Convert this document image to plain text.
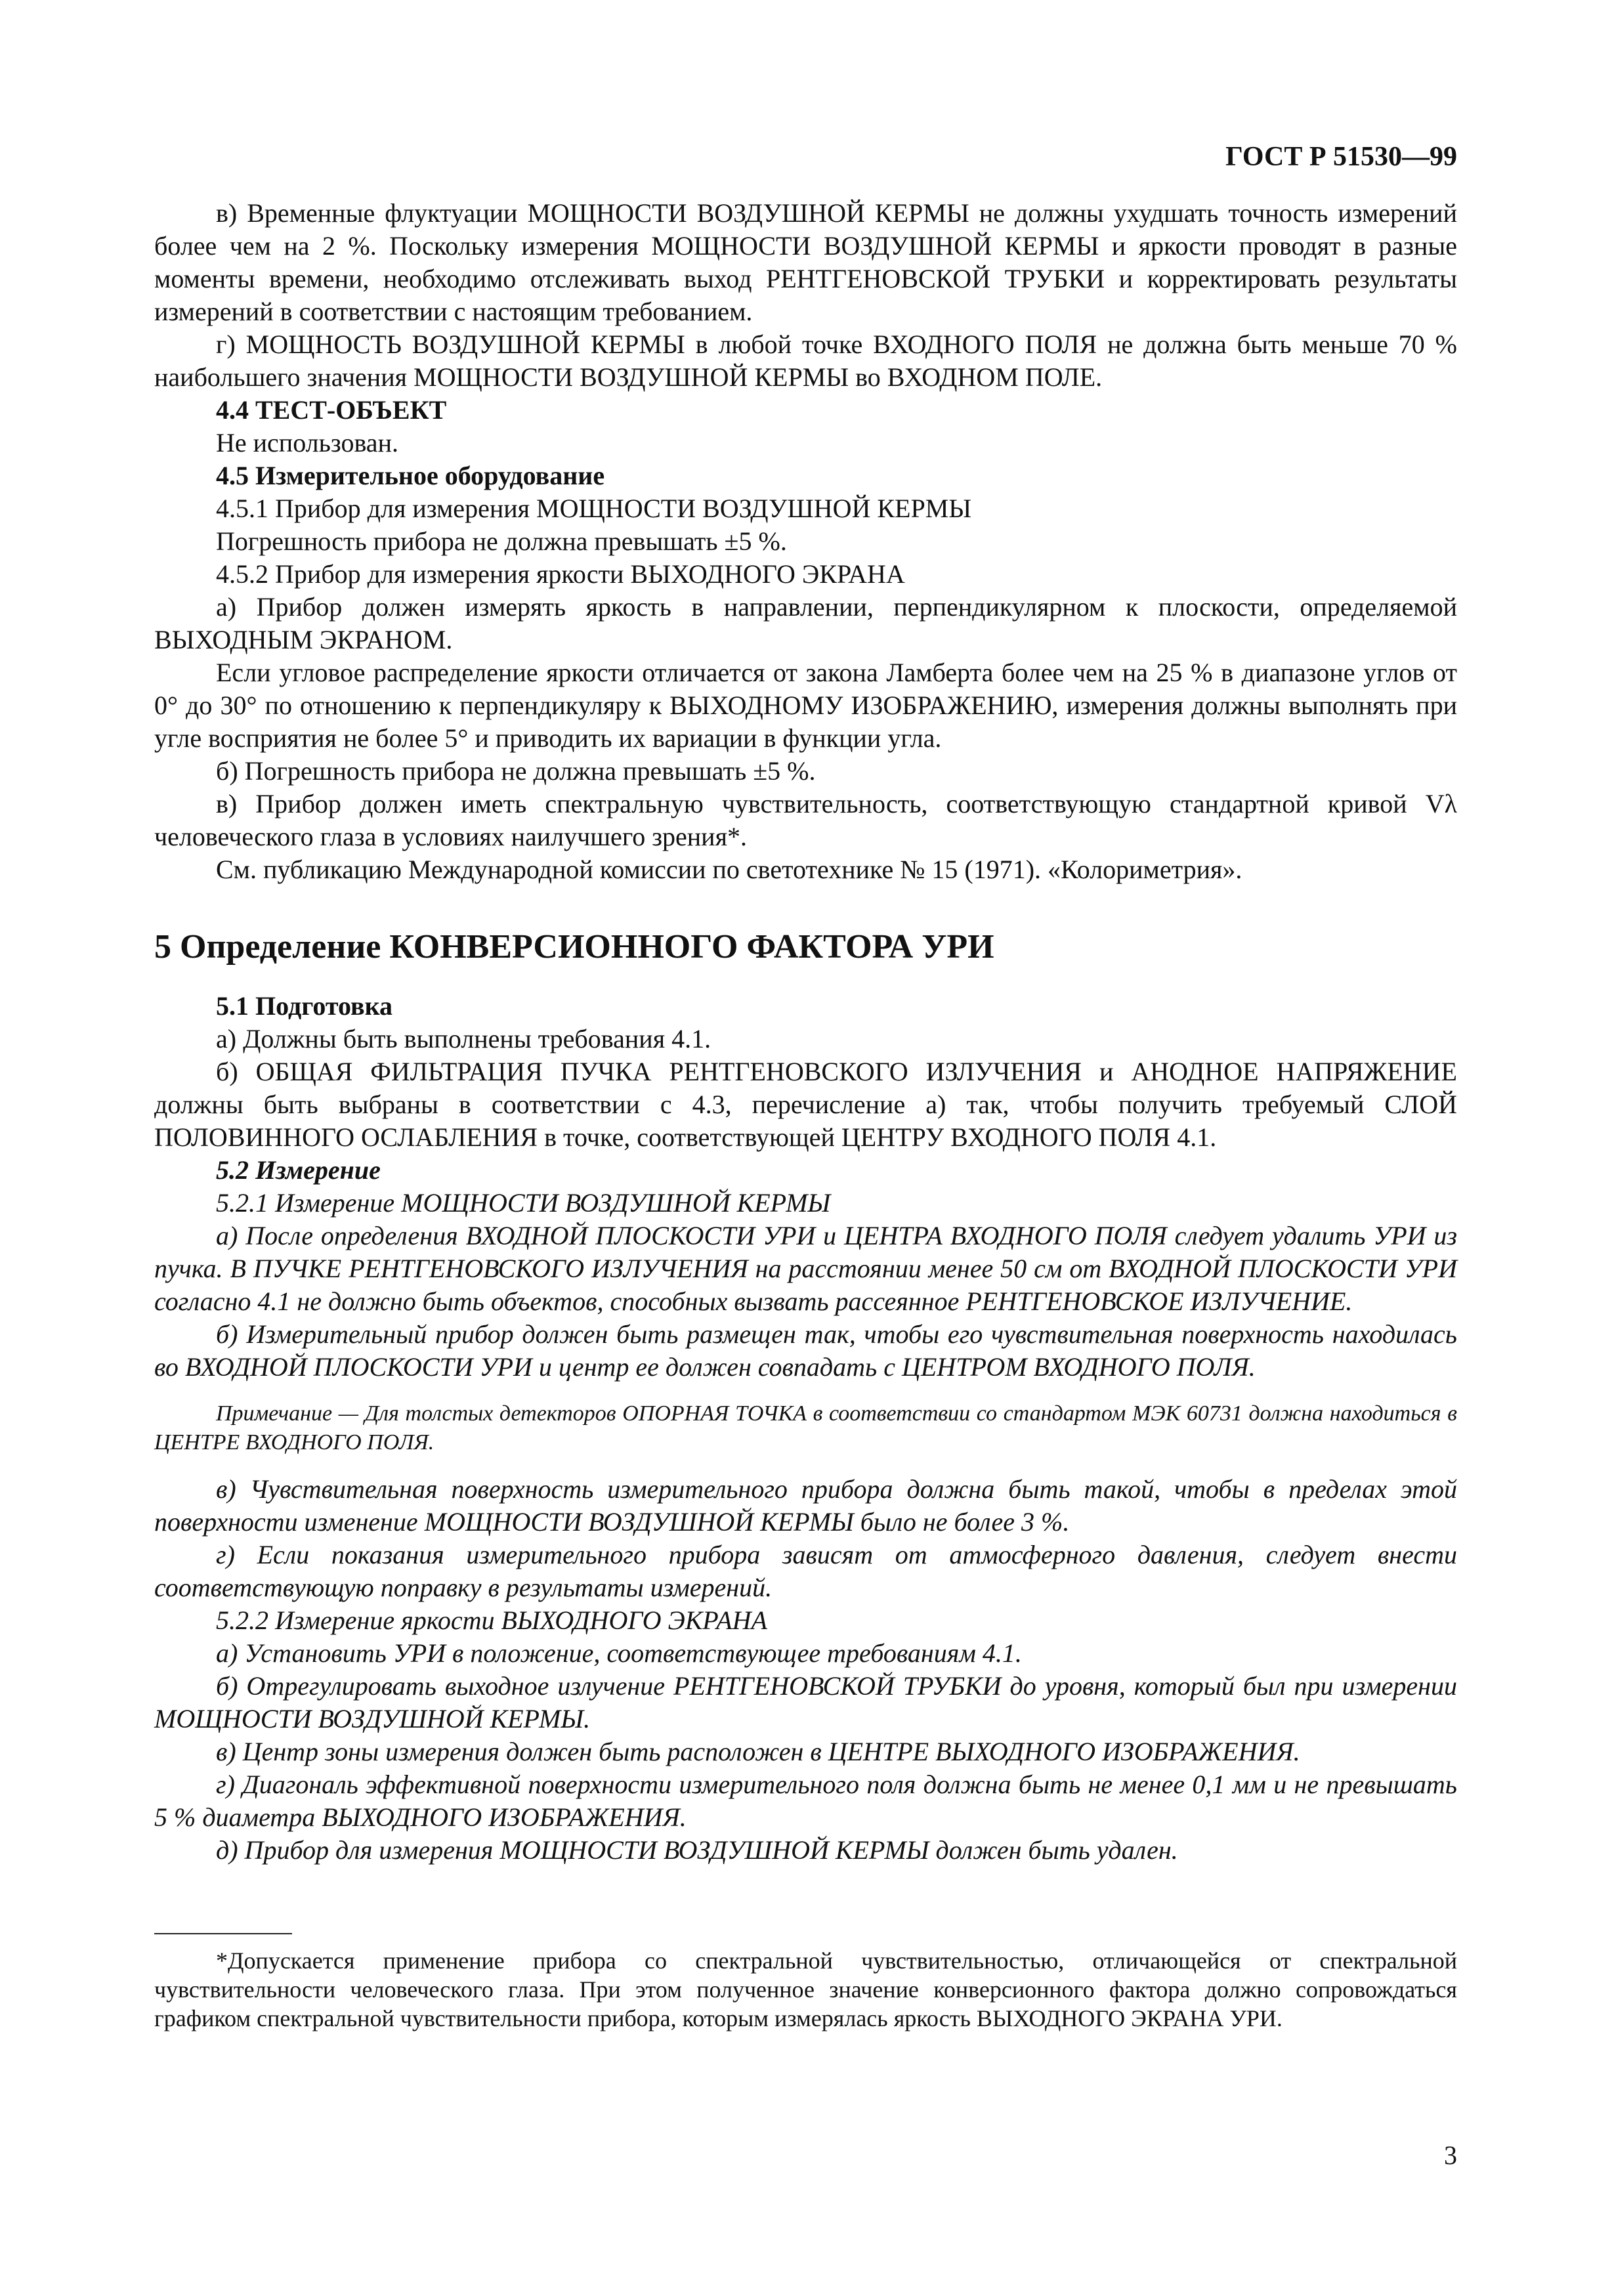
ГОСТ Р 51530—99

в) Временные флуктуации МОЩНОСТИ ВОЗДУШНОЙ КЕРМЫ не должны ухудшать точность измерений более чем на 2 %. Поскольку измерения МОЩНОСТИ ВОЗДУШНОЙ КЕРМЫ и яркости проводят в разные моменты времени, необходимо отслеживать выход РЕНТГЕНОВСКОЙ ТРУБКИ и корректировать результаты измерений в соответствии с настоящим требованием.

г) МОЩНОСТЬ ВОЗДУШНОЙ КЕРМЫ в любой точке ВХОДНОГО ПОЛЯ не должна быть меньше 70 % наибольшего значения МОЩНОСТИ ВОЗДУШНОЙ КЕРМЫ во ВХОДНОМ ПОЛЕ.

4.4 ТЕСТ-ОБЪЕКТ

Не использован.

4.5 Измерительное оборудование

4.5.1 Прибор для измерения МОЩНОСТИ ВОЗДУШНОЙ КЕРМЫ

Погрешность прибора не должна превышать ±5 %.

4.5.2 Прибор для измерения яркости ВЫХОДНОГО ЭКРАНА

а) Прибор должен измерять яркость в направлении, перпендикулярном к плоскости, определяемой ВЫХОДНЫМ ЭКРАНОМ.

Если угловое распределение яркости отличается от закона Ламберта более чем на 25 % в диапазоне углов от 0° до 30° по отношению к перпендикуляру к ВЫХОДНОМУ ИЗОБРАЖЕНИЮ, измерения должны выполнять при угле восприятия не более 5° и приводить их вариации в функции угла.

б) Погрешность прибора не должна превышать ±5 %.

в) Прибор должен иметь спектральную чувствительность, соответствующую стандартной кривой Vλ человеческого глаза в условиях наилучшего зрения*.

См. публикацию Международной комиссии по светотехнике № 15 (1971). «Колориметрия».

5 Определение КОНВЕРСИОННОГО ФАКТОРА УРИ

5.1 Подготовка

а) Должны быть выполнены требования 4.1.

б) ОБЩАЯ ФИЛЬТРАЦИЯ ПУЧКА РЕНТГЕНОВСКОГО ИЗЛУЧЕНИЯ и АНОДНОЕ НАПРЯЖЕНИЕ должны быть выбраны в соответствии с 4.3, перечисление а) так, чтобы получить требуемый СЛОЙ ПОЛОВИННОГО ОСЛАБЛЕНИЯ в точке, соответствующей ЦЕНТРУ ВХОДНОГО ПОЛЯ 4.1.

5.2 Измерение

5.2.1 Измерение МОЩНОСТИ ВОЗДУШНОЙ КЕРМЫ

а) После определения ВХОДНОЙ ПЛОСКОСТИ УРИ и ЦЕНТРА ВХОДНОГО ПОЛЯ следует удалить УРИ из пучка. В ПУЧКЕ РЕНТГЕНОВСКОГО ИЗЛУЧЕНИЯ на расстоянии менее 50 см от ВХОДНОЙ ПЛОСКОСТИ УРИ согласно 4.1 не должно быть объектов, способных вызвать рассеянное РЕНТГЕНОВСКОЕ ИЗЛУЧЕНИЕ.

б) Измерительный прибор должен быть размещен так, чтобы его чувствительная поверхность находилась во ВХОДНОЙ ПЛОСКОСТИ УРИ и центр ее должен совпадать с ЦЕНТРОМ ВХОДНОГО ПОЛЯ.

Примечание — Для толстых детекторов ОПОРНАЯ ТОЧКА в соответствии со стандартом МЭК 60731 должна находиться в ЦЕНТРЕ ВХОДНОГО ПОЛЯ.

в) Чувствительная поверхность измерительного прибора должна быть такой, чтобы в пределах этой поверхности изменение МОЩНОСТИ ВОЗДУШНОЙ КЕРМЫ было не более 3 %.

г) Если показания измерительного прибора зависят от атмосферного давления, следует внести соответствующую поправку в результаты измерений.

5.2.2 Измерение яркости ВЫХОДНОГО ЭКРАНА

а) Установить УРИ в положение, соответствующее требованиям 4.1.

б) Отрегулировать выходное излучение РЕНТГЕНОВСКОЙ ТРУБКИ до уровня, который был при измерении МОЩНОСТИ ВОЗДУШНОЙ КЕРМЫ.

в) Центр зоны измерения должен быть расположен в ЦЕНТРЕ ВЫХОДНОГО ИЗОБРАЖЕНИЯ.

г) Диагональ эффективной поверхности измерительного поля должна быть не менее 0,1 мм и не превышать 5 % диаметра ВЫХОДНОГО ИЗОБРАЖЕНИЯ.

д) Прибор для измерения МОЩНОСТИ ВОЗДУШНОЙ КЕРМЫ должен быть удален.

*Допускается применение прибора со спектральной чувствительностью, отличающейся от спектральной чувствительности человеческого глаза. При этом полученное значение конверсионного фактора должно сопровождаться графиком спектральной чувствительности прибора, которым измерялась яркость ВЫХОДНОГО ЭКРАНА УРИ.
3
